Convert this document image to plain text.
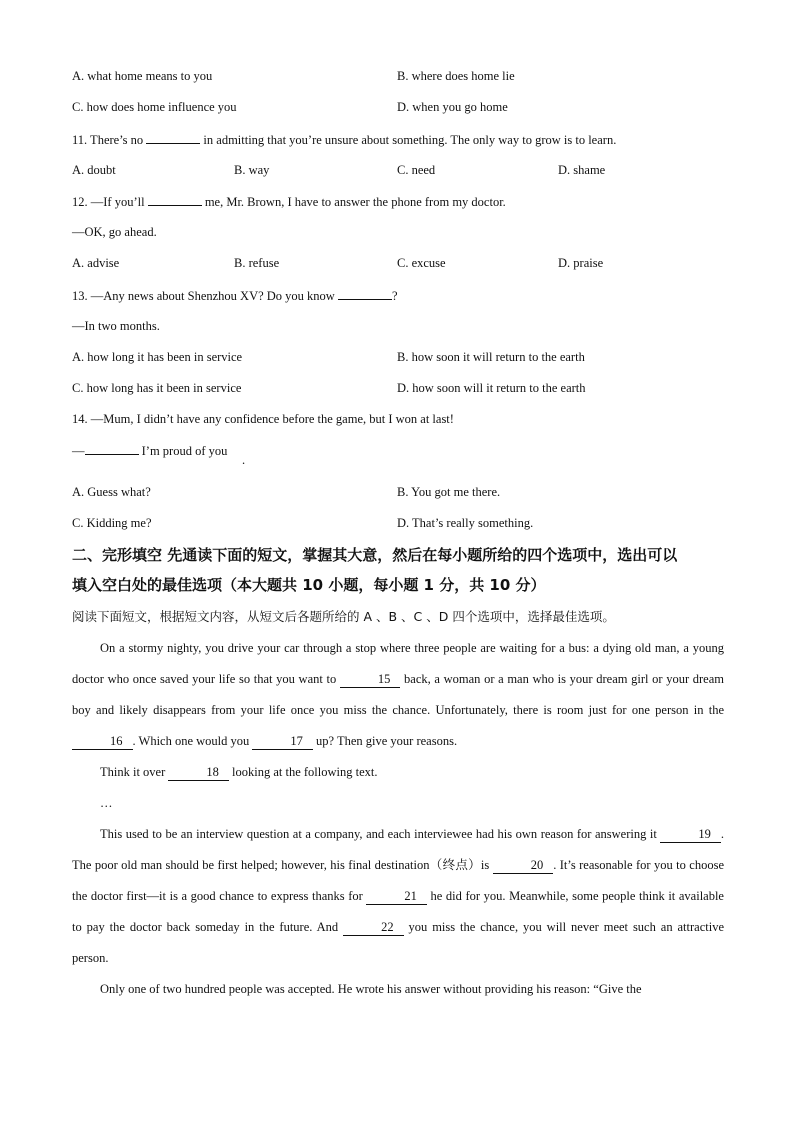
A. what home means to you	B. where does home lie
C. how does home influence you	D. when you go home
11. There’s no	in admitting that you’re unsure about something. The only way to grow is to learn.
A. doubt	B. way	C. need	D. shame
12. —If you’ll	me, Mr. Brown, I have to answer the phone from my doctor.
—OK, go ahead.
A. advise	B. refuse	C. excuse	D. praise
13. —Any news about Shenzhou XV? Do you know	?
—In two months.
A. how long it has been in service	B. how soon it will return to the earth
C. how long has it been in service	D. how soon will it return to the earth
14. —Mum, I didn’t have any confidence before the game, but I won at last!
—	I’m proud of you
.
A. Guess what?	B. You got me there.
C. Kidding me?	D. That’s really something.
二、完形填空 先通读下面的短文，掌握其大意，然后在每小题所给的四个选项中，选出可以
填入空白处的最佳选项（本大题共 10 小题，每小题 1 分，共 10 分）
阅读下面短文，根据短文内容，从短文后各题所给的 A 、B 、C 、D 四个选项中，选择最佳选项。
On a stormy nighty, you drive your car through a stop where three people are waiting for a bus: a dying old man, a young doctor who once saved your life so that you want to	15 back, a woman or a man who is your dream girl or your dream boy and likely disappears from your life once you miss the chance. Unfortunately, there is room just for one person in the 16 . Which one would you	17 up? Then give your reasons.
Think it over	18 looking at the following text.
…
This used to be an interview question at a company, and each interviewee had his own reason for answering it	19 . The poor old man should be first helped; however, his final destination（终点）is	20 . It’s reasonable for you to choose the doctor first—it is a good chance to express thanks for	21 he did for you. Meanwhile, some people think it available to pay the doctor back someday in the future. And	22 you miss the chance, you will never meet such an attractive person.
Only one of two hundred people was accepted. He wrote his answer without providing his reason: “Give the
